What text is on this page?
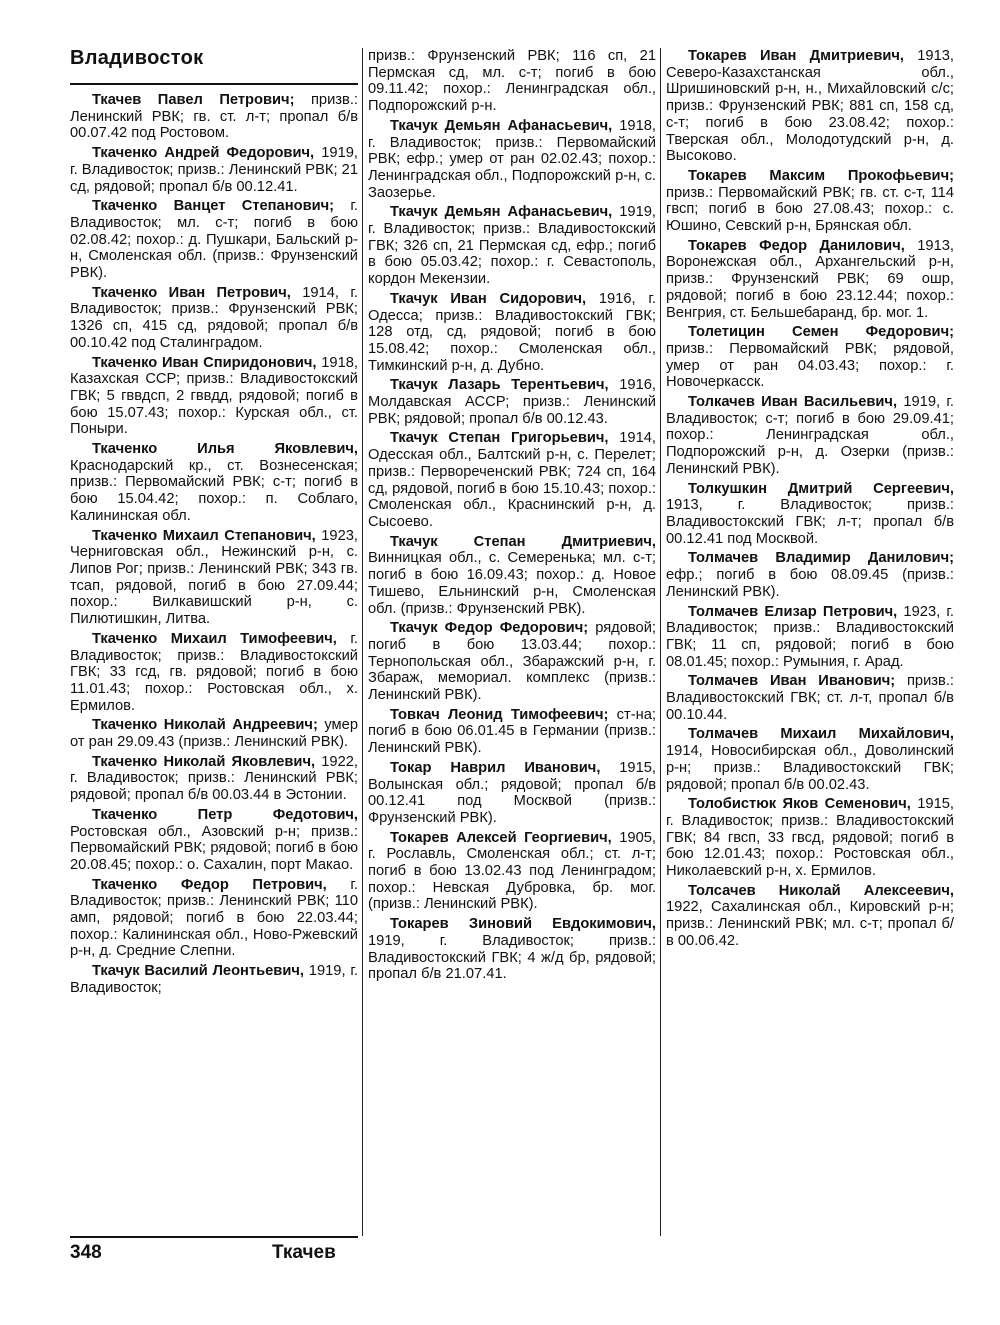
Владивосток

Ткачев Павел Петрович; призв.: Ленинский РВК; гв. ст. л-т; пропал б/в 00.07.42 под Ростовом.

Ткаченко Андрей Федорович, 1919, г. Владивосток; призв.: Ленинский РВК; 21 сд, рядовой; пропал б/в 00.12.41.

Ткаченко Ванцет Степанович; г. Владивосток; мл. с-т; погиб в бою 02.08.42; похор.: д. Пушкари, Бальский р-н, Смоленская обл. (призв.: Фрунзенский РВК).

Ткаченко Иван Петрович, 1914, г. Владивосток; призв.: Фрунзенский РВК; 1326 сп, 415 сд, рядовой; пропал б/в 00.10.42 под Сталинградом.

Ткаченко Иван Спиридонович, 1918, Казахская ССР; призв.: Владивостокский ГВК; 5 гввдсп, 2 гввдд, рядовой; погиб в бою 15.07.43; похор.: Курская обл., ст. Поныри.

Ткаченко Илья Яковлевич, Краснодарский кр., ст. Вознесенская; призв.: Первомайский РВК; с-т; погиб в бою 15.04.42; похор.: п. Соблаго, Калининская обл.

Ткаченко Михаил Степанович, 1923, Черниговская обл., Нежинский р-н, с. Липов Рог; призв.: Ленинский РВК; 343 гв. тсап, рядовой, погиб в бою 27.09.44; похор.: Вилкавишский р-н, с. Пилютишкин, Литва.

Ткаченко Михаил Тимофеевич, г. Владивосток; призв.: Владивостокский ГВК; 33 гсд, гв. рядовой; погиб в бою 11.01.43; похор.: Ростовская обл., х. Ермилов.

Ткаченко Николай Андреевич; умер от ран 29.09.43 (призв.: Ленинский РВК).

Ткаченко Николай Яковлевич, 1922, г. Владивосток; призв.: Ленинский РВК; рядовой; пропал б/в 00.03.44 в Эстонии.

Ткаченко Петр Федотович, Ростовская обл., Азовский р-н; призв.: Первомайский РВК; рядовой; погиб в бою 20.08.45; похор.: о. Сахалин, порт Макао.

Ткаченко Федор Петрович, г. Владивосток; призв.: Ленинский РВК; 110 амп, рядовой; погиб в бою 22.03.44; похор.: Калининская обл., Ново-Ржевский р-н, д. Средние Слепни.

Ткачук Василий Леонтьевич, 1919, г. Владивосток;

призв.: Фрунзенский РВК; 116 сп, 21 Пермская сд, мл. с-т; погиб в бою 09.11.42; похор.: Ленинградская обл., Подпорожский р-н.

Ткачук Демьян Афанасьевич, 1918, г. Владивосток; призв.: Первомайский РВК; ефр.; умер от ран 02.02.43; похор.: Ленинградская обл., Подпорожский р-н, с. Заозерье.

Ткачук Демьян Афанасьевич, 1919, г. Владивосток; призв.: Владивостокский ГВК; 326 сп, 21 Пермская сд, ефр.; погиб в бою 05.03.42; похор.: г. Севастополь, кордон Мекензии.

Ткачук Иван Сидорович, 1916, г. Одесса; призв.: Владивостокский ГВК; 128 отд, сд, рядовой; погиб в бою 15.08.42; похор.: Смоленская обл., Тимкинский р-н, д. Дубно.

Ткачук Лазарь Терентьевич, 1916, Молдавская АССР; призв.: Ленинский РВК; рядовой; пропал б/в 00.12.43.

Ткачук Степан Григорьевич, 1914, Одесская обл., Балтский р-н, с. Перелет; призв.: Первореченский РВК; 724 сп, 164 сд, рядовой, погиб в бою 15.10.43; похор.: Смоленская обл., Краснинский р-н, д. Сысоево.

Ткачук Степан Дмитриевич, Винницкая обл., с. Семеренька; мл. с-т; погиб в бою 16.09.43; похор.: д. Новое Тишево, Ельнинский р-н, Смоленская обл. (призв.: Фрунзенский РВК).

Ткачук Федор Федорович; рядовой; погиб в бою 13.03.44; похор.: Тернопольская обл., Збаражский р-н, г. Збараж, мемориал. комплекс (призв.: Ленинский РВК).

Товкач Леонид Тимофеевич; ст-на; погиб в бою 06.01.45 в Германии (призв.: Ленинский РВК).

Токар Наврил Иванович, 1915, Волынская обл.; рядовой; пропал б/в 00.12.41 под Москвой (призв.: Фрунзенский РВК).

Токарев Алексей Георгиевич, 1905, г. Рославль, Смоленская обл.; ст. л-т; погиб в бою 13.02.43 под Ленинградом; похор.: Невская Дубровка, бр. мог. (призв.: Ленинский РВК).

Токарев Зиновий Евдокимович, 1919, г. Владивосток; призв.: Владивостокский ГВК; 4 ж/д бр, рядовой; пропал б/в 21.07.41.

Токарев Иван Дмитриевич, 1913, Северо-Казахстанская обл., Шришиновский р-н, н., Михайловский с/с; призв.: Фрунзенский РВК; 881 сп, 158 сд, с-т; погиб в бою 23.08.42; похор.: Тверская обл., Молодотудский р-н, д. Высоково.

Токарев Максим Прокофьевич; призв.: Первомайский РВК; гв. ст. с-т, 114 гвсп; погиб в бою 27.08.43; похор.: с. Юшино, Севский р-н, Брянская обл.

Токарев Федор Данилович, 1913, Воронежская обл., Архангельский р-н, призв.: Фрунзенский РВК; 69 ошр, рядовой; погиб в бою 23.12.44; похор.: Венгрия, ст. Бельшебаранд, бр. мог. 1.

Толетицин Семен Федорович; призв.: Первомайский РВК; рядовой, умер от ран 04.03.43; похор.: г. Новочеркасск.

Толкачев Иван Васильевич, 1919, г. Владивосток; с-т; погиб в бою 29.09.41; похор.: Ленинградская обл., Подпорожский р-н, д. Озерки (призв.: Ленинский РВК).

Толкушкин Дмитрий Сергеевич, 1913, г. Владивосток; призв.: Владивостокский ГВК; л-т; пропал б/в 00.12.41 под Москвой.

Толмачев Владимир Данилович; ефр.; погиб в бою 08.09.45 (призв.: Ленинский РВК).

Толмачев Елизар Петрович, 1923, г. Владивосток; призв.: Владивостокский ГВК; 11 сп, рядовой; погиб в бою 08.01.45; похор.: Румыния, г. Арад.

Толмачев Иван Иванович; призв.: Владивостокский ГВК; ст. л-т, пропал б/в 00.10.44.

Толмачев Михаил Михайлович, 1914, Новосибирская обл., Доволинский р-н; призв.: Владивостокский ГВК; рядовой; пропал б/в 00.02.43.

Толобистюк Яков Семенович, 1915, г. Владивосток; призв.: Владивостокский ГВК; 84 гвсп, 33 гвсд, рядовой; погиб в бою 12.01.43; похор.: Ростовская обл., Николаевский р-н, х. Ермилов.

Толсачев Николай Алексеевич, 1922, Сахалинская обл., Кировский р-н; призв.: Ленинский РВК; мл. с-т; пропал б/в 00.06.42.

348	Ткачев
